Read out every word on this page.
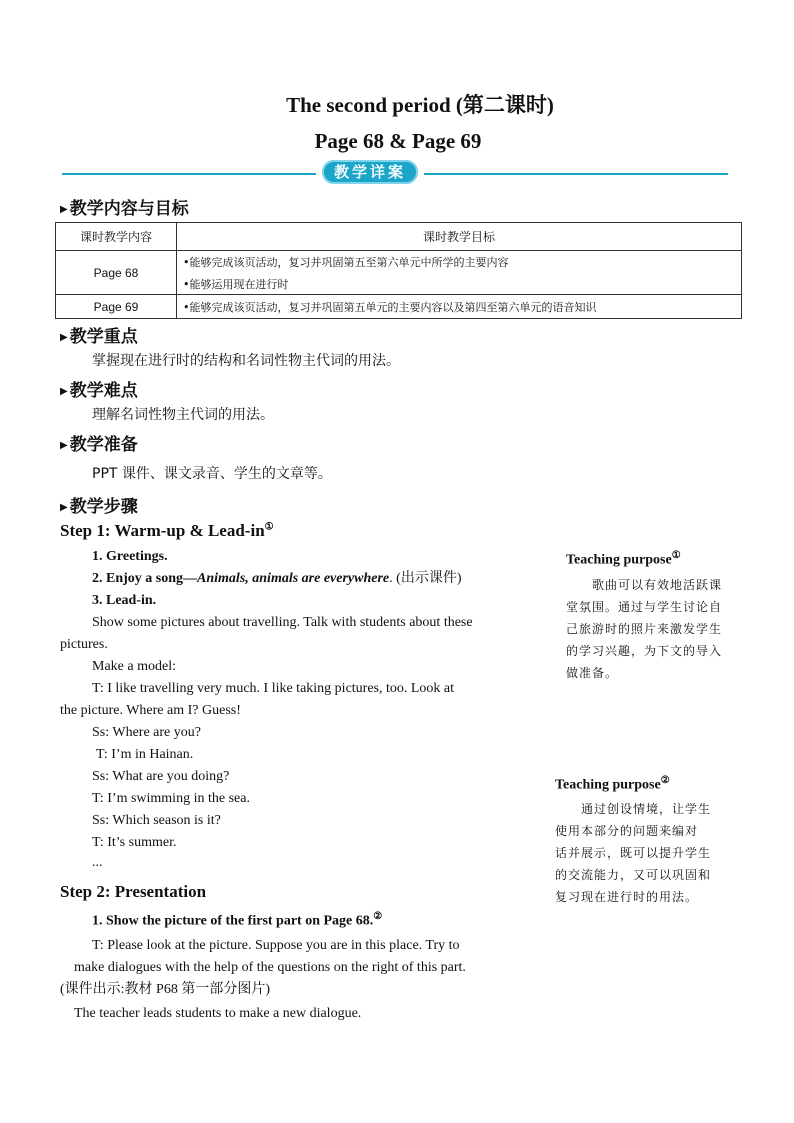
The second period (第二课时)
Page 68 & Page 69
教学详案
▶ 教学内容与目标
课时教学内容	课时教学目标
Page 68	•能够完成该页活动，复习并巩固第五至第六单元中所学的主要内容
•能够运用现在进行时

Page 69	•能够完成该页活动，复习并巩固第五单元的主要内容以及第四至第六单元的语音知识
▶ 教学重点
掌握现在进行时的结构和名词性物主代词的用法。
▶ 教学难点
理解名词性物主代词的用法。
▶ 教学准备
PPT 课件、课文录音、学生的文章等。
▶ 教学步骤
Step 1: Warm-up & Lead-in①
1. Greetings.
2. Enjoy a song—Animals, animals are everywhere. (出示课件)
3. Lead-in.
Show some pictures about travelling. Talk with students about these
pictures.
Make a model:
T: I like travelling very much. I like taking pictures, too. Look at
the picture. Where am I? Guess!
Ss: Where are you?
T: I’m in Hainan.
Ss: What are you doing?
T: I’m swimming in the sea.
Ss: Which season is it?
T: It’s summer.
...
Step 2: Presentation
1. Show the picture of the first part on Page 68.②
T: Please look at the picture. Suppose you are in this place. Try to
make dialogues with the help of the questions on the right of this part.
(课件出示:教材 P68 第一部分图片)
The teacher leads students to make a new dialogue.
Teaching purpose①
歌曲可以有效地活跃课
堂氛围。通过与学生讨论自
己旅游时的照片来激发学生
的学习兴趣，为下文的导入
做准备。
Teaching purpose②
通过创设情境，让学生
使用本部分的问题来编对
话并展示，既可以提升学生
的交流能力，又可以巩固和
复习现在进行时的用法。
